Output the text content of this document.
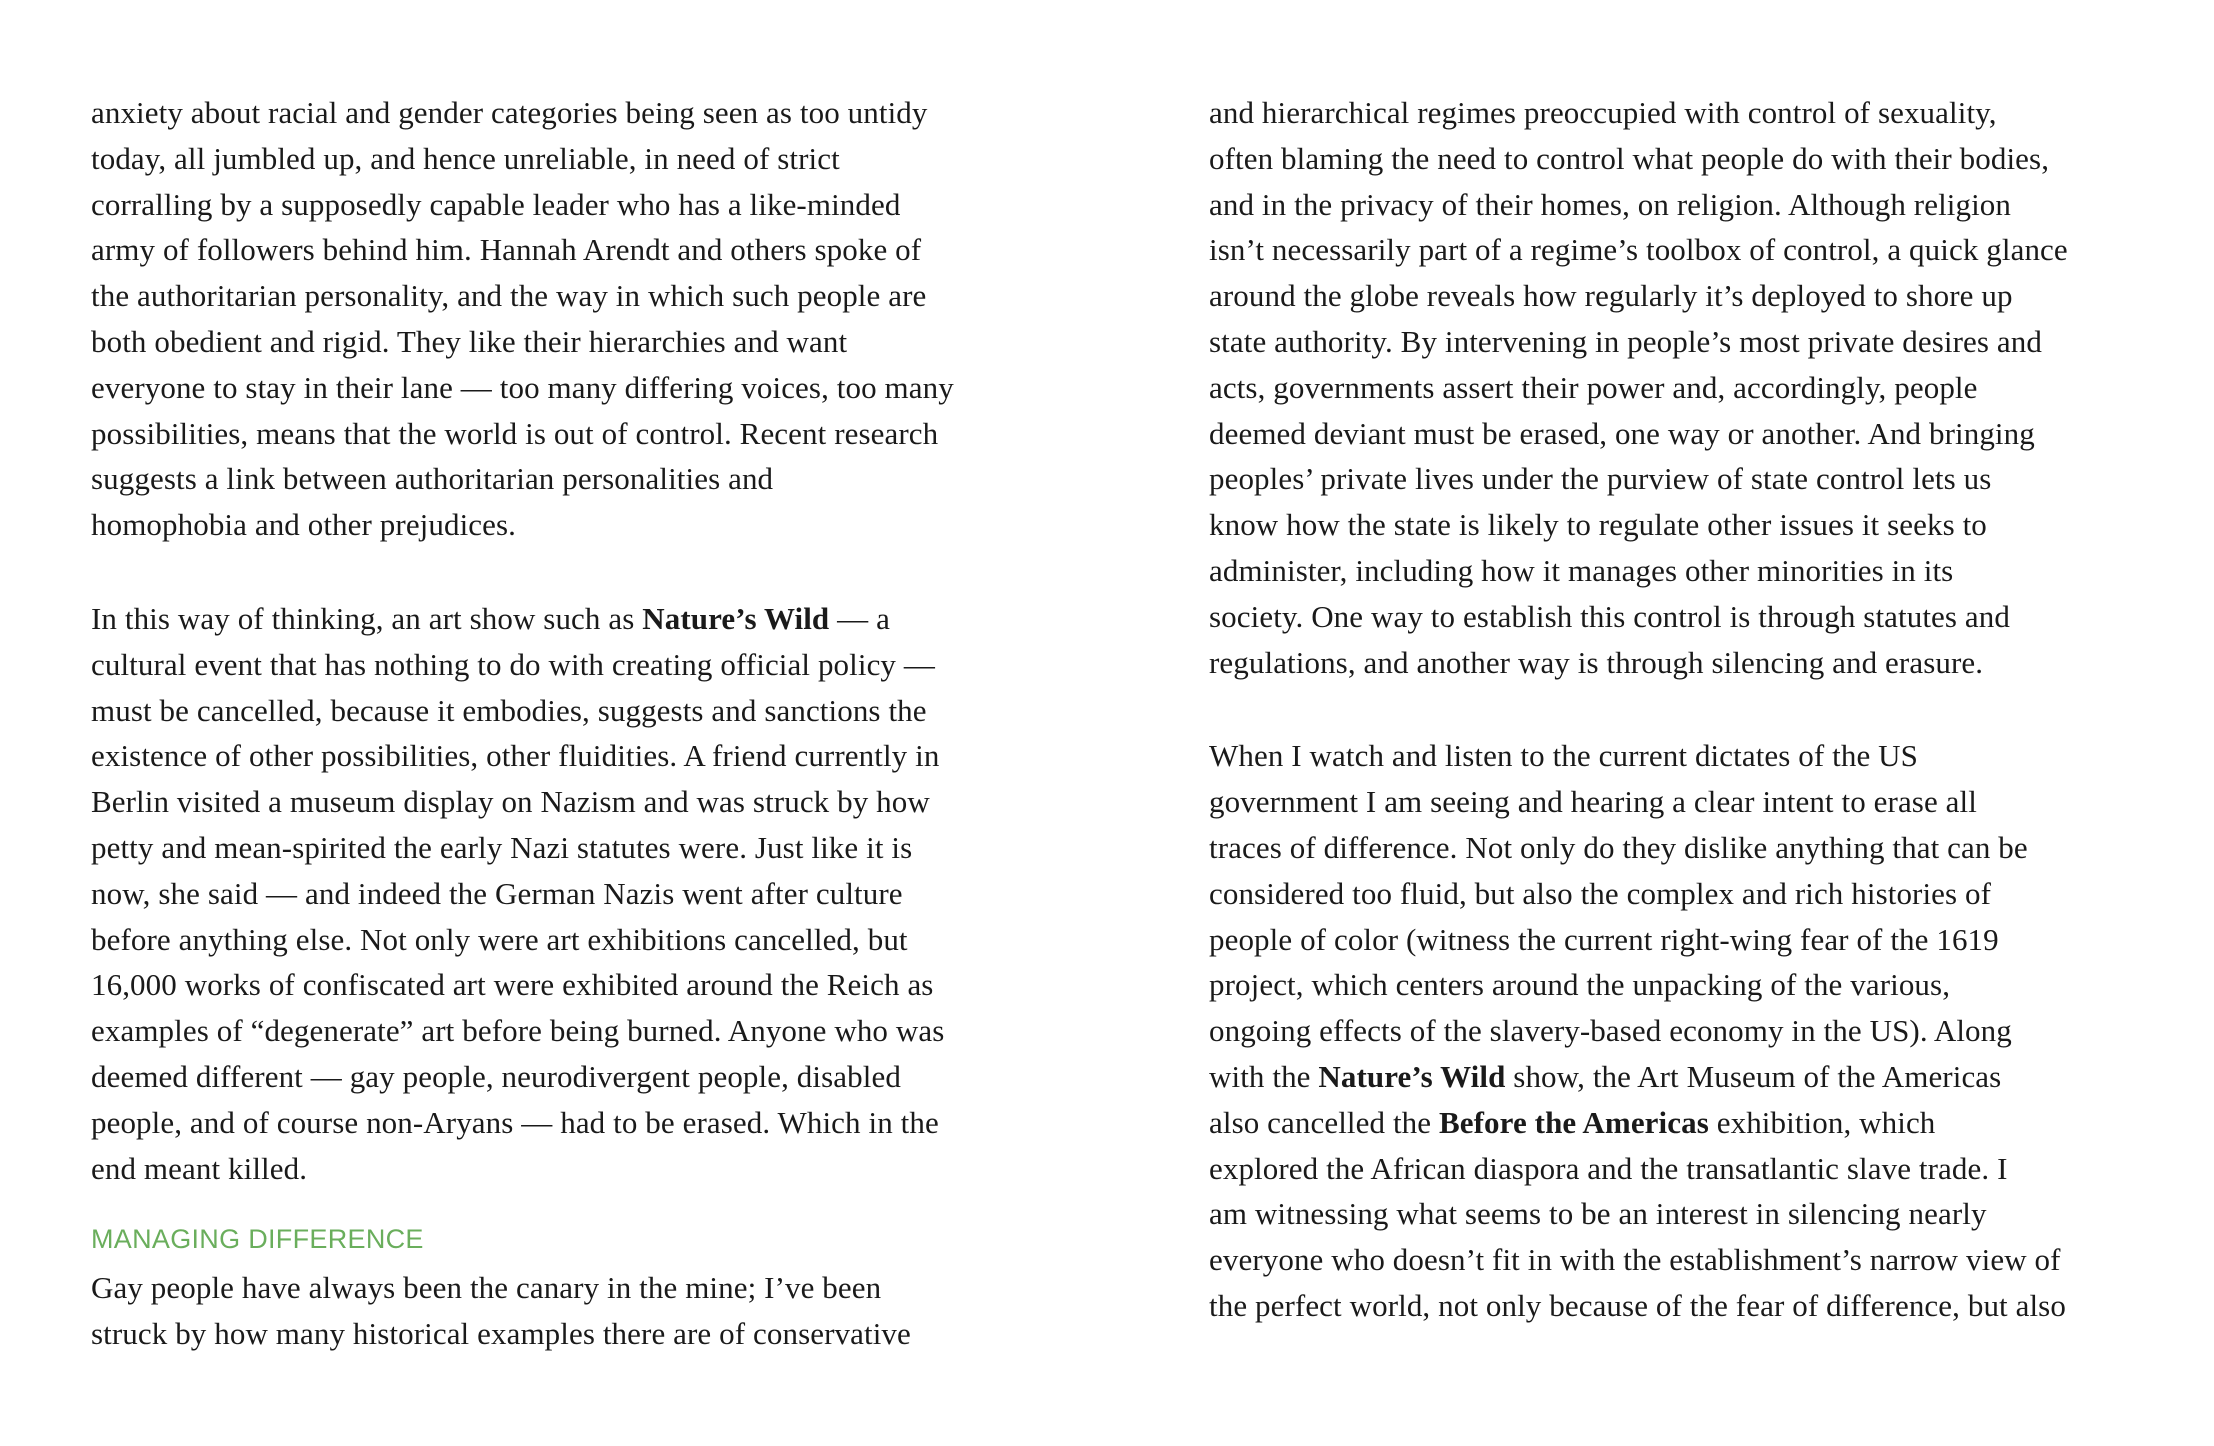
anxiety about racial and gender categories being seen as too untidy
today, all jumbled up, and hence unreliable, in need of strict
corralling by a supposedly capable leader who has a like-minded
army of followers behind him. Hannah Arendt and others spoke of
the authoritarian personality, and the way in which such people are
both obedient and rigid. They like their hierarchies and want
everyone to stay in their lane — too many differing voices, too many
possibilities, means that the world is out of control. Recent research
suggests a link between authoritarian personalities and
homophobia and other prejudices.
In this way of thinking, an art show such as Nature’s Wild — a
cultural event that has nothing to do with creating official policy —
must be cancelled, because it embodies, suggests and sanctions the
existence of other possibilities, other fluidities. A friend currently in
Berlin visited a museum display on Nazism and was struck by how
petty and mean-spirited the early Nazi statutes were. Just like it is
now, she said — and indeed the German Nazis went after culture
before anything else. Not only were art exhibitions cancelled, but
16,000 works of confiscated art were exhibited around the Reich as
examples of “degenerate” art before being burned. Anyone who was
deemed different — gay people, neurodivergent people, disabled
people, and of course non-Aryans — had to be erased. Which in the
end meant killed.
MANAGING DIFFERENCE
Gay people have always been the canary in the mine; I’ve been
struck by how many historical examples there are of conservative
and hierarchical regimes preoccupied with control of sexuality,
often blaming the need to control what people do with their bodies,
and in the privacy of their homes, on religion. Although religion
isn’t necessarily part of a regime’s toolbox of control, a quick glance
around the globe reveals how regularly it’s deployed to shore up
state authority. By intervening in people’s most private desires and
acts, governments assert their power and, accordingly, people
deemed deviant must be erased, one way or another. And bringing
peoples’ private lives under the purview of state control lets us
know how the state is likely to regulate other issues it seeks to
administer, including how it manages other minorities in its
society. One way to establish this control is through statutes and
regulations, and another way is through silencing and erasure.
When I watch and listen to the current dictates of the US
government I am seeing and hearing a clear intent to erase all
traces of difference. Not only do they dislike anything that can be
considered too fluid, but also the complex and rich histories of
people of color (witness the current right-wing fear of the 1619
project, which centers around the unpacking of the various,
ongoing effects of the slavery-based economy in the US). Along
with the Nature’s Wild show, the Art Museum of the Americas
also cancelled the Before the Americas exhibition, which
explored the African diaspora and the transatlantic slave trade. I
am witnessing what seems to be an interest in silencing nearly
everyone who doesn’t fit in with the establishment’s narrow view of
the perfect world, not only because of the fear of difference, but also
